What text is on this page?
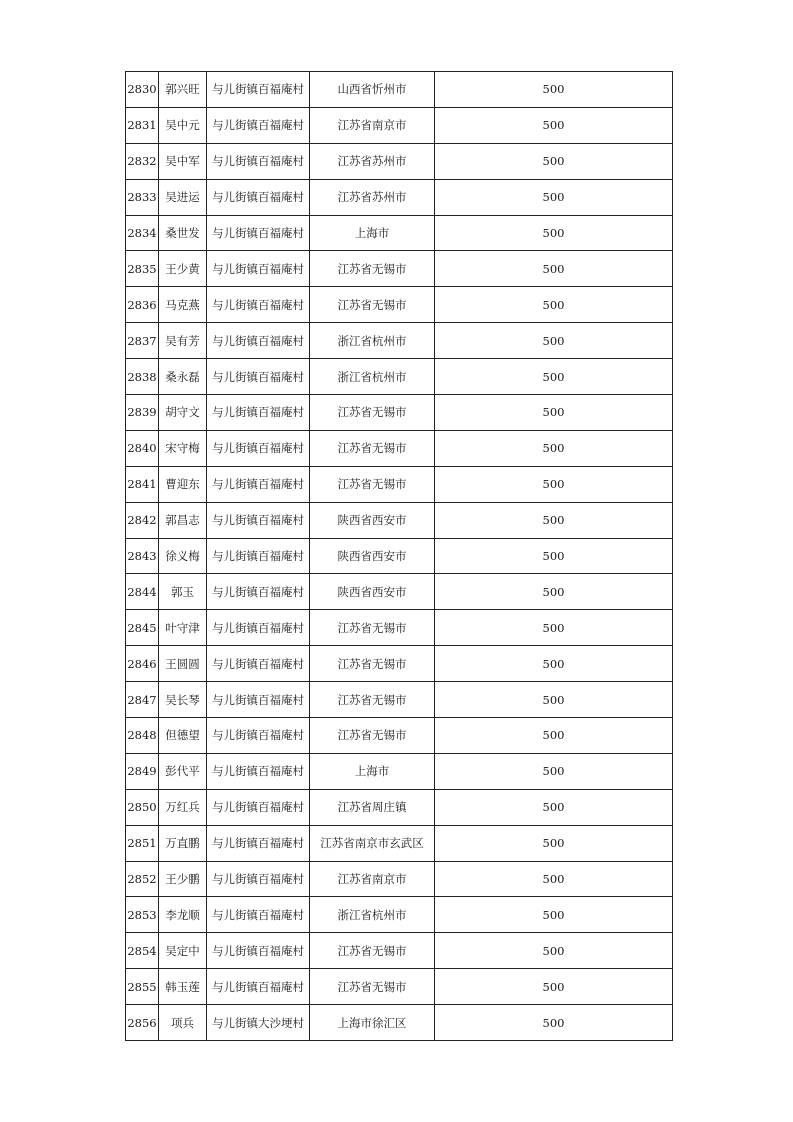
2830	郭兴旺	与儿街镇百福庵村	山西省忻州市	500
2831	吴中元	与儿街镇百福庵村	江苏省南京市	500
2832	吴中军	与儿街镇百福庵村	江苏省苏州市	500
2833	吴进运	与儿街镇百福庵村	江苏省苏州市	500
2834	桑世发	与儿街镇百福庵村	上海市	500
2835	王少黄	与儿街镇百福庵村	江苏省无锡市	500
2836	马克燕	与儿街镇百福庵村	江苏省无锡市	500
2837	吴有芳	与儿街镇百福庵村	浙江省杭州市	500
2838	桑永磊	与儿街镇百福庵村	浙江省杭州市	500
2839	胡守文	与儿街镇百福庵村	江苏省无锡市	500
2840	宋守梅	与儿街镇百福庵村	江苏省无锡市	500
2841	曹迎东	与儿街镇百福庵村	江苏省无锡市	500
2842	郭昌志	与儿街镇百福庵村	陕西省西安市	500
2843	徐义梅	与儿街镇百福庵村	陕西省西安市	500
2844	郭玉	与儿街镇百福庵村	陕西省西安市	500
2845	叶守津	与儿街镇百福庵村	江苏省无锡市	500
2846	王圆圆	与儿街镇百福庵村	江苏省无锡市	500
2847	吴长琴	与儿街镇百福庵村	江苏省无锡市	500
2848	但德望	与儿街镇百福庵村	江苏省无锡市	500
2849	彭代平	与儿街镇百福庵村	上海市	500
2850	万红兵	与儿街镇百福庵村	江苏省周庄镇	500
2851	万直鹏	与儿街镇百福庵村	江苏省南京市玄武区	500
2852	王少鹏	与儿街镇百福庵村	江苏省南京市	500
2853	李龙顺	与儿街镇百福庵村	浙江省杭州市	500
2854	吴定中	与儿街镇百福庵村	江苏省无锡市	500
2855	韩玉莲	与儿街镇百福庵村	江苏省无锡市	500
2856	项兵	与儿街镇大沙埂村	上海市徐汇区	500
